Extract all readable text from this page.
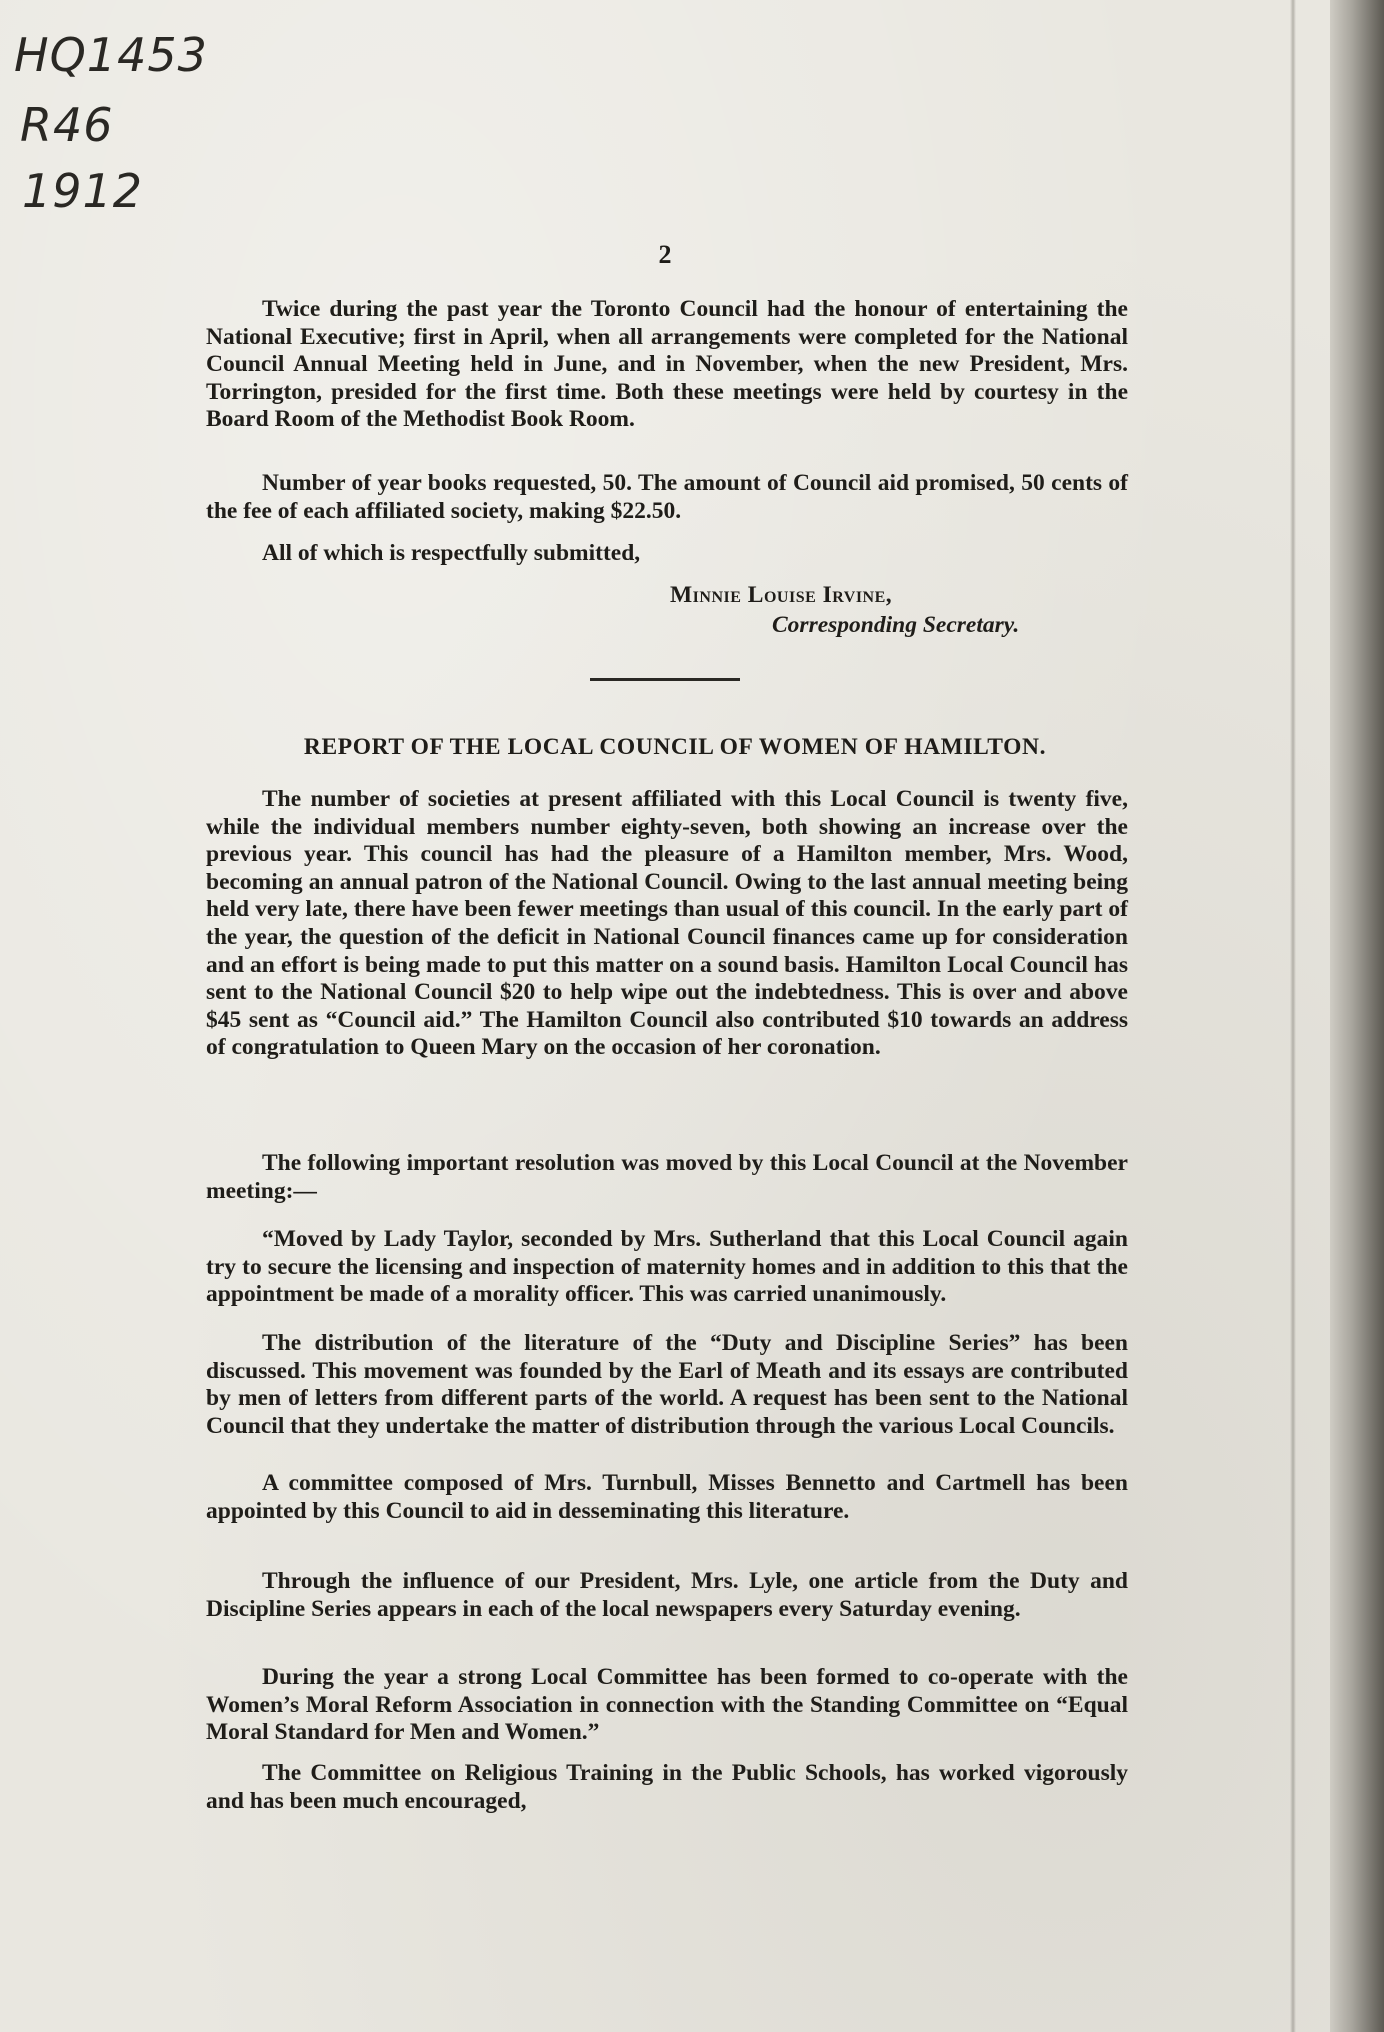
HQ1453
R46
1912
2

Twice during the past year the Toronto Council had the honour of entertaining the National Executive; first in April, when all arrangements were completed for the National Council Annual Meeting held in June, and in November, when the new President, Mrs. Torrington, presided for the first time. Both these meetings were held by courtesy in the Board Room of the Methodist Book Room.

Number of year books requested, 50. The amount of Council aid promised, 50 cents of the fee of each affiliated society, making $22.50.

All of which is respectfully submitted,

Minnie Louise Irvine,
Corresponding Secretary.
REPORT OF THE LOCAL COUNCIL OF WOMEN OF HAMILTON.

The number of societies at present affiliated with this Local Council is twenty five, while the individual members number eighty-seven, both showing an increase over the previous year. This council has had the pleasure of a Hamilton member, Mrs. Wood, becoming an annual patron of the National Council. Owing to the last annual meeting being held very late, there have been fewer meetings than usual of this council. In the early part of the year, the question of the deficit in National Council finances came up for consideration and an effort is being made to put this matter on a sound basis. Hamilton Local Council has sent to the National Council $20 to help wipe out the indebtedness. This is over and above $45 sent as “Council aid.” The Hamilton Council also contributed $10 towards an address of congratulation to Queen Mary on the occasion of her coronation.

The following important resolution was moved by this Local Council at the November meeting:—

“Moved by Lady Taylor, seconded by Mrs. Sutherland that this Local Council again try to secure the licensing and inspection of maternity homes and in addition to this that the appointment be made of a morality officer. This was carried unanimously.

The distribution of the literature of the “Duty and Discipline Series” has been discussed. This movement was founded by the Earl of Meath and its essays are contributed by men of letters from different parts of the world. A request has been sent to the National Council that they undertake the matter of distribution through the various Local Councils.

A committee composed of Mrs. Turnbull, Misses Bennetto and Cartmell has been appointed by this Council to aid in desseminating this literature.

Through the influence of our President, Mrs. Lyle, one article from the Duty and Discipline Series appears in each of the local newspapers every Saturday evening.

During the year a strong Local Committee has been formed to co-operate with the Women’s Moral Reform Association in connection with the Standing Committee on “Equal Moral Standard for Men and Women.”

The Committee on Religious Training in the Public Schools, has worked vigorously and has been much encouraged,
